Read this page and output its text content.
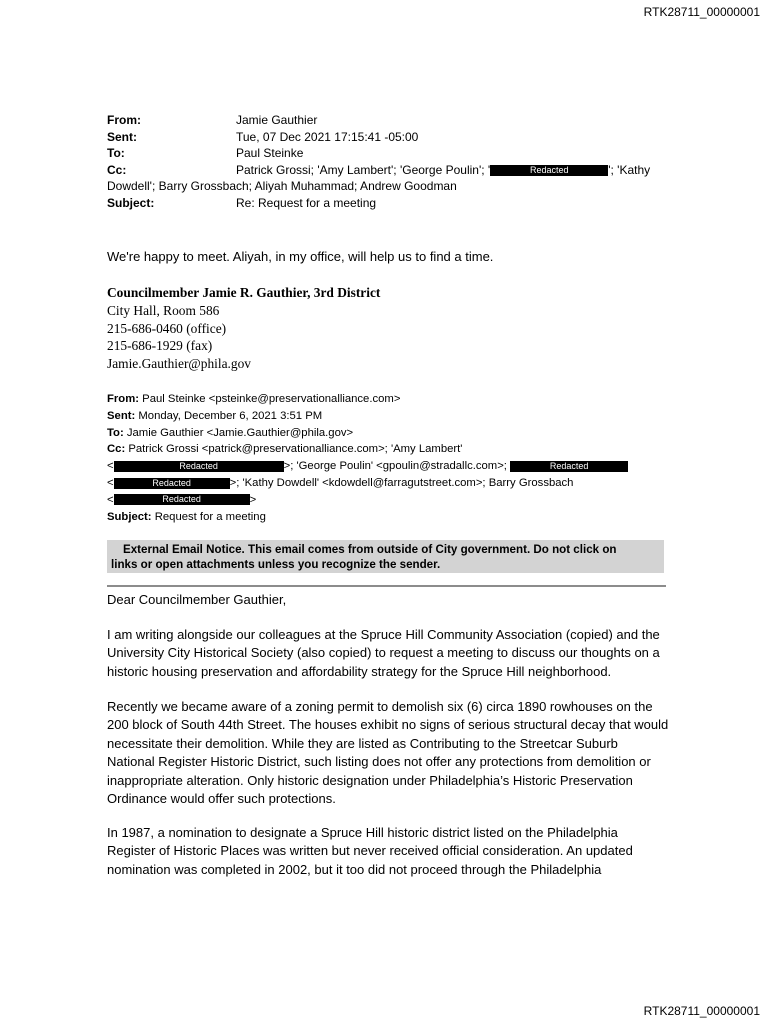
RTK28711_00000001
From:	Jamie Gauthier
Sent:	Tue, 07 Dec 2021 17:15:41 -05:00
To:	Paul Steinke
Cc:	Patrick Grossi; 'Amy Lambert'; 'George Poulin'; '	Redacted	'; 'Kathy
Dowdell'; Barry Grossbach; Aliyah Muhammad; Andrew Goodman
Subject:	Re: Request for a meeting
We're happy to meet. Aliyah, in my office, will help us to find a time.
Councilmember Jamie R. Gauthier, 3rd District
City Hall, Room 586
215-686-0460 (office)
215-686-1929 (fax)
Jamie.Gauthier@phila.gov
From: Paul Steinke <psteinke@preservationalliance.com>
Sent: Monday, December 6, 2021 3:51 PM
To: Jamie Gauthier <Jamie.Gauthier@phila.gov>
Cc: Patrick Grossi <patrick@preservationalliance.com>; 'Amy Lambert'
<	Redacted	>; 'George Poulin' <gpoulin@stradallc.com>;	Redacted
<	Redacted	>; 'Kathy Dowdell' <kdowdell@farragutstreet.com>; Barry Grossbach
<	Redacted	>
Subject: Request for a meeting
External Email Notice. This email comes from outside of City government. Do not click on
links or open attachments unless you recognize the sender.
Dear Councilmember Gauthier,

I am writing alongside our colleagues at the Spruce Hill Community Association (copied) and the University City Historical Society (also copied) to request a meeting to discuss our thoughts on a historic housing preservation and affordability strategy for the Spruce Hill neighborhood.

Recently we became aware of a zoning permit to demolish six (6) circa 1890 rowhouses on the 200 block of South 44th Street. The houses exhibit no signs of serious structural decay that would necessitate their demolition. While they are listed as Contributing to the Streetcar Suburb National Register Historic District, such listing does not offer any protections from demolition or inappropriate alteration. Only historic designation under Philadelphia’s Historic Preservation Ordinance would offer such protections.

In 1987, a nomination to designate a Spruce Hill historic district listed on the Philadelphia Register of Historic Places was written but never received official consideration. An updated nomination was completed in 2002, but it too did not proceed through the Philadelphia

RTK28711_00000001
